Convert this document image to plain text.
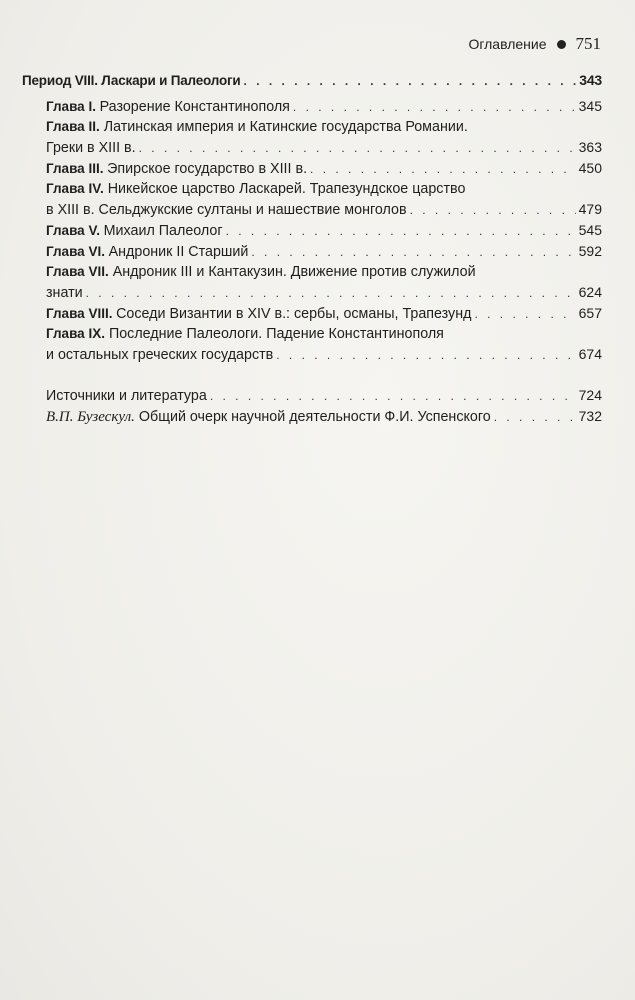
Оглавление 751
Период VIII. Ласкари и Палеологи . . .	343
Глава I. Разорение Константинополя . . .	345
Глава II. Латинская империя и Катинские государства Романии.
Греки в XIII в. . . .	363
Глава III. Эпирское государство в XIII в. . . .	450
Глава IV. Никейское царство Ласкарей. Трапезундское царство
в XIII в. Сельджукские султаны и нашествие монголов . . .	479
Глава V. Михаил Палеолог . . .	545
Глава VI. Андроник II Старший . . .	592
Глава VII. Андроник III и Кантакузин. Движение против служилой
знати . . .	624
Глава VIII. Соседи Византии в XIV в.: сербы, османы, Трапезунд . . .	657
Глава IX. Последние Палеологи. Падение Константинополя
и остальных греческих государств . . .	674
Источники и литература . . .	724
В.П. Бузескул. Общий очерк научной деятельности Ф.И. Успенского . . .	732
